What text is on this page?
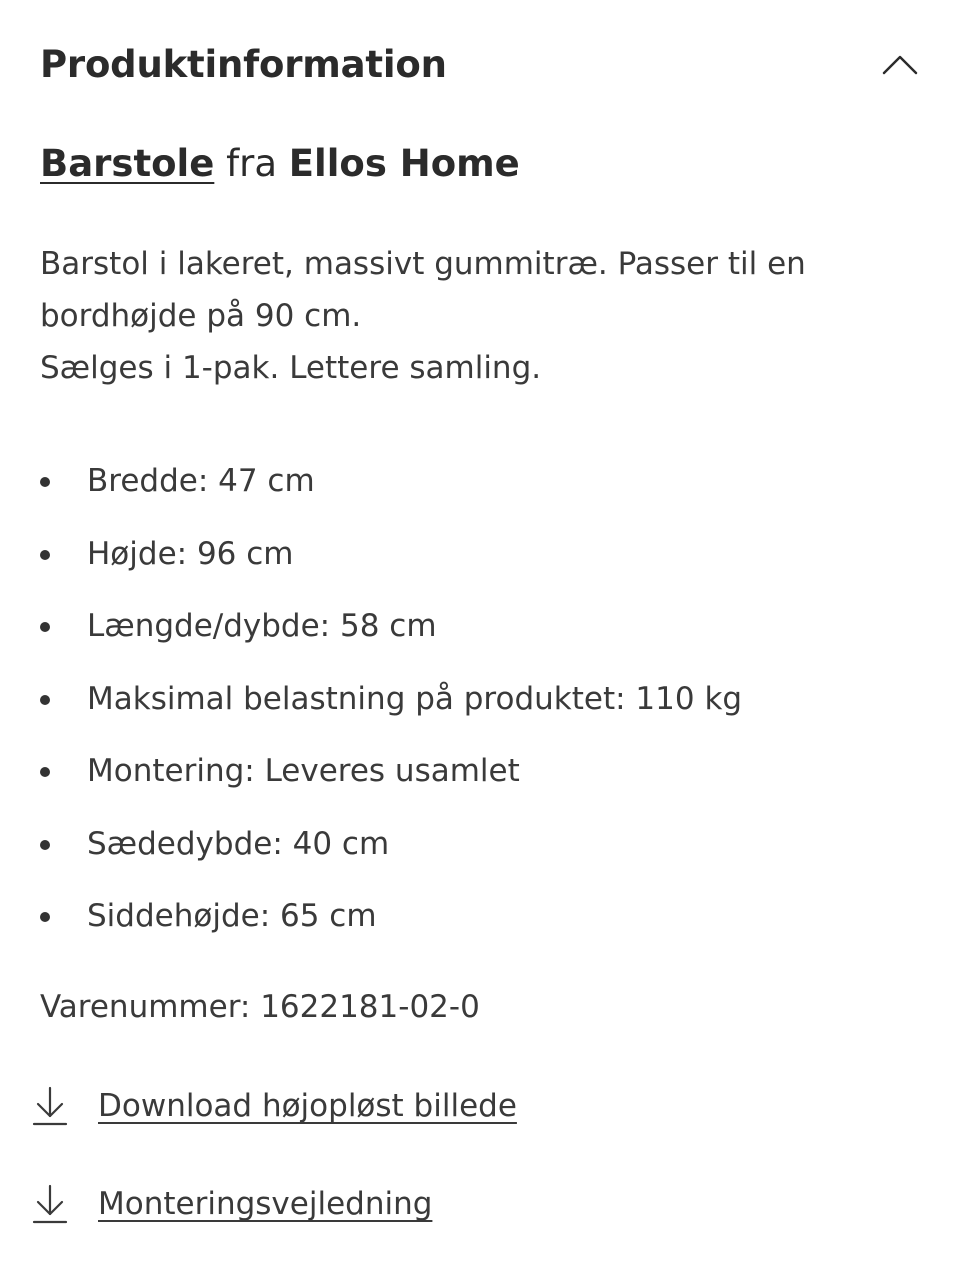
Produktinformation
Barstole fra Ellos Home

Barstol i lakeret, massivt gummitræ. Passer til en bordhøjde på 90 cm.

Sælges i 1-pak. Lettere samling.

Bredde: 47 cm
Højde: 96 cm
Længde/dybde: 58 cm
Maksimal belastning på produktet: 110 kg
Montering: Leveres usamlet
Sædedybde: 40 cm
Siddehøjde: 65 cm
Varenummer: 1622181-02-0
Download højopløst billede
Monteringsvejledning
